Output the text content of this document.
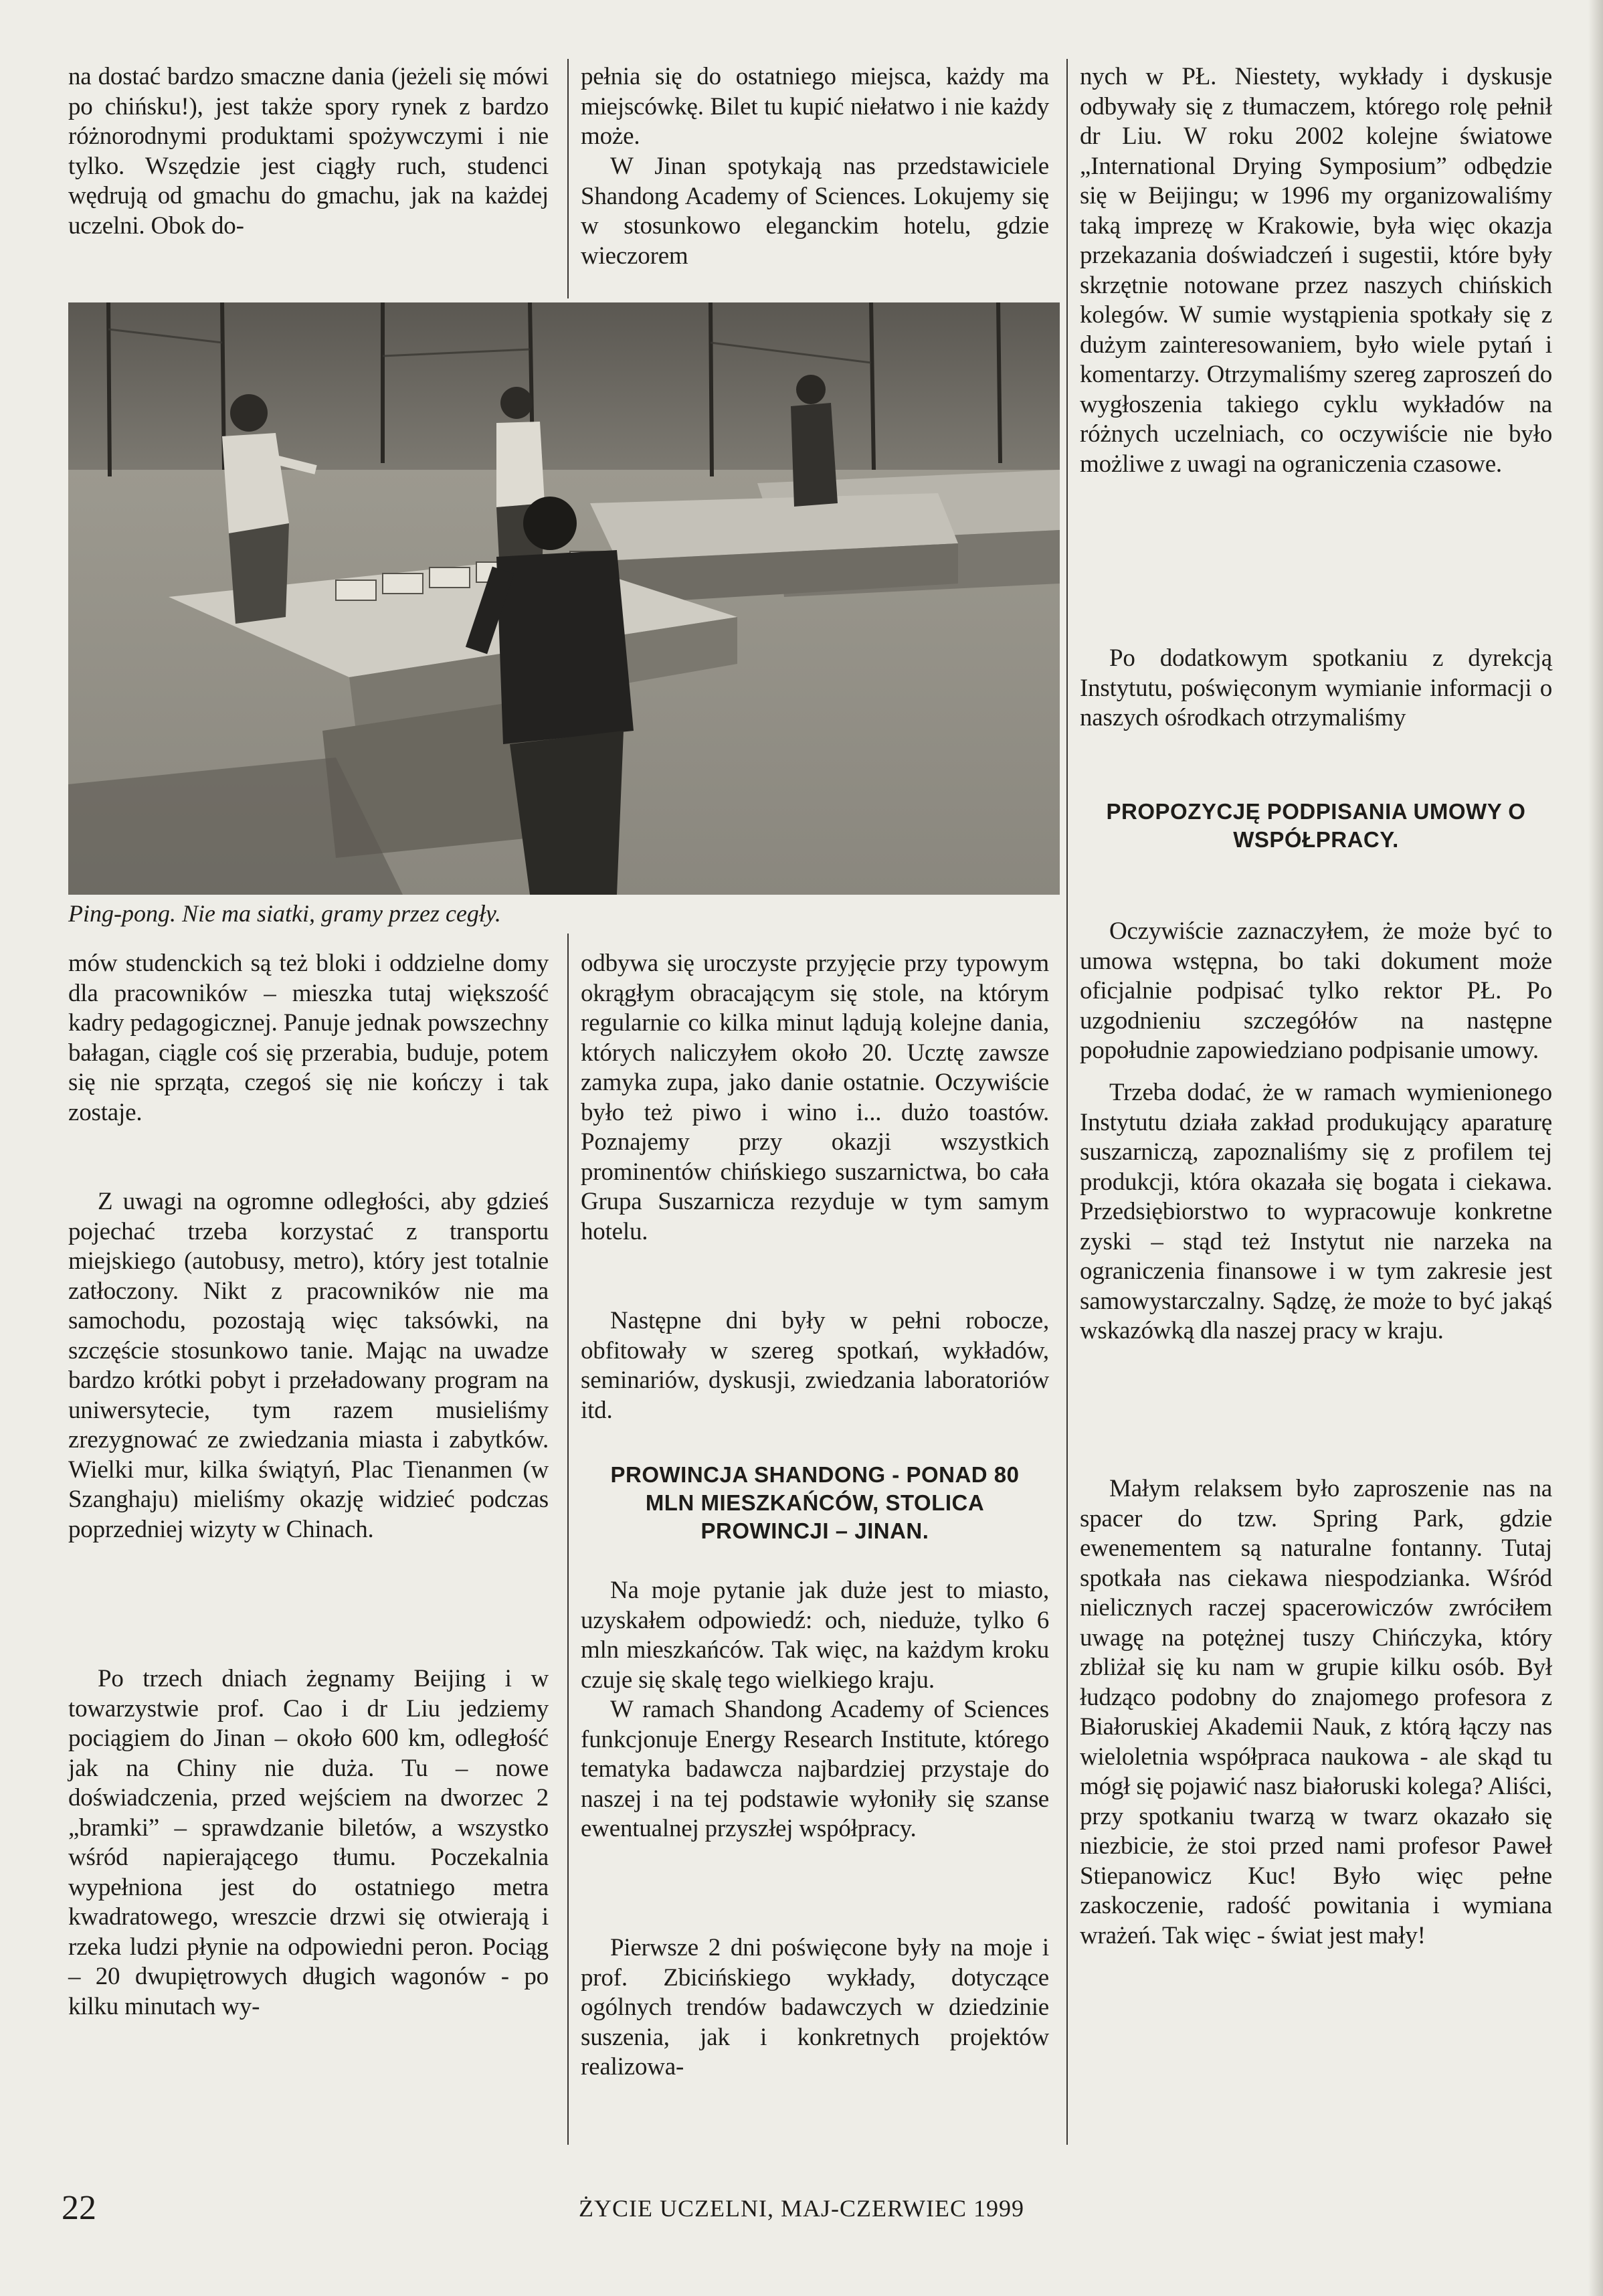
na dostać bardzo smaczne dania (jeżeli się mówi po chińsku!), jest także spory rynek z bardzo różnorodnymi produktami spożywczymi i nie tylko. Wszędzie jest ciągły ruch, studenci wędrują od gmachu do gmachu, jak na każdej uczelni. Obok do-

pełnia się do ostatniego miejsca, każdy ma miejscówkę. Bilet tu kupić niełatwo i nie każdy może.

W Jinan spotykają nas przedstawiciele Shandong Academy of Sciences. Lokujemy się w stosunkowo eleganckim hotelu, gdzie wieczorem

Ping-pong. Nie ma siatki, gramy przez cegły.

mów studenckich są też bloki i oddzielne domy dla pracowników – mieszka tutaj większość kadry pedagogicznej. Panuje jednak powszechny bałagan, ciągle coś się przerabia, buduje, potem się nie sprząta, czegoś się nie kończy i tak zostaje.

Z uwagi na ogromne odległości, aby gdzieś pojechać trzeba korzystać z transportu miejskiego (autobusy, metro), który jest totalnie zatłoczony. Nikt z pracowników nie ma samochodu, pozostają więc taksówki, na szczęście stosunkowo tanie. Mając na uwadze bardzo krótki pobyt i przeładowany program na uniwersytecie, tym razem musieliśmy zrezygnować ze zwiedzania miasta i zabytków. Wielki mur, kilka świątyń, Plac Tienanmen (w Szanghaju) mieliśmy okazję widzieć podczas poprzedniej wizyty w Chinach.

Po trzech dniach żegnamy Beijing i w towarzystwie prof. Cao i dr Liu jedziemy pociągiem do Jinan – około 600 km, odległość jak na Chiny nie duża. Tu – nowe doświadczenia, przed wejściem na dworzec 2 „bramki” – sprawdzanie biletów, a wszystko wśród napierającego tłumu. Poczekalnia wypełniona jest do ostatniego metra kwadratowego, wreszcie drzwi się otwierają i rzeka ludzi płynie na odpowiedni peron. Pociąg – 20 dwupiętrowych długich wagonów - po kilku minutach wy-

odbywa się uroczyste przyjęcie przy typowym okrągłym obracającym się stole, na którym regularnie co kilka minut lądują kolejne dania, których naliczyłem około 20. Ucztę zawsze zamyka zupa, jako danie ostatnie. Oczywiście było też piwo i wino i... dużo toastów. Poznajemy przy okazji wszystkich prominentów chińskiego suszarnictwa, bo cała Grupa Suszarnicza rezyduje w tym samym hotelu.

Następne dni były w pełni robocze, obfitowały w szereg spotkań, wykładów, seminariów, dyskusji, zwiedzania laboratoriów itd.

PROWINCJA SHANDONG - PONAD 80 MLN MIESZKAŃCÓW, STOLICA PROWINCJI – JINAN.

Na moje pytanie jak duże jest to miasto, uzyskałem odpowiedź: och, nieduże, tylko 6 mln mieszkańców. Tak więc, na każdym kroku czuje się skalę tego wielkiego kraju.

W ramach Shandong Academy of Sciences funkcjonuje Energy Research Institute, którego tematyka badawcza najbardziej przystaje do naszej i na tej podstawie wyłoniły się szanse ewentualnej przyszłej współpracy.

Pierwsze 2 dni poświęcone były na moje i prof. Zbicińskiego wykłady, dotyczące ogólnych trendów badawczych w dziedzinie suszenia, jak i konkretnych projektów realizowa-

nych w PŁ. Niestety, wykłady i dyskusje odbywały się z tłumaczem, którego rolę pełnił dr Liu. W roku 2002 kolejne światowe „International Drying Symposium” odbędzie się w Beijingu; w 1996 my organizowaliśmy taką imprezę w Krakowie, była więc okazja przekazania doświadczeń i sugestii, które były skrzętnie notowane przez naszych chińskich kolegów. W sumie wystąpienia spotkały się z dużym zainteresowaniem, było wiele pytań i komentarzy. Otrzymaliśmy szereg zaproszeń do wygłoszenia takiego cyklu wykładów na różnych uczelniach, co oczywiście nie było możliwe z uwagi na ograniczenia czasowe.

Po dodatkowym spotkaniu z dyrekcją Instytutu, poświęconym wymianie informacji o naszych ośrodkach otrzymaliśmy

PROPOZYCJĘ PODPISANIA UMOWY O WSPÓŁPRACY.

Oczywiście zaznaczyłem, że może być to umowa wstępna, bo taki dokument może oficjalnie podpisać tylko rektor PŁ. Po uzgodnieniu szczegółów na następne popołudnie zapowiedziano podpisanie umowy.

Trzeba dodać, że w ramach wymienionego Instytutu działa zakład produkujący aparaturę suszarniczą, zapoznaliśmy się z profilem tej produkcji, która okazała się bogata i ciekawa. Przedsiębiorstwo to wypracowuje konkretne zyski – stąd też Instytut nie narzeka na ograniczenia finansowe i w tym zakresie jest samowystarczalny. Sądzę, że może to być jakąś wskazówką dla naszej pracy w kraju.

Małym relaksem było zaproszenie nas na spacer do tzw. Spring Park, gdzie ewenementem są naturalne fontanny. Tutaj spotkała nas ciekawa niespodzianka. Wśród nielicznych raczej spacerowiczów zwróciłem uwagę na potężnej tuszy Chińczyka, który zbliżał się ku nam w grupie kilku osób. Był łudząco podobny do znajomego profesora z Białoruskiej Akademii Nauk, z którą łączy nas wieloletnia współpraca naukowa - ale skąd tu mógł się pojawić nasz białoruski kolega? Aliści, przy spotkaniu twarzą w twarz okazało się niezbicie, że stoi przed nami profesor Paweł Stiepanowicz Kuc! Było więc pełne zaskoczenie, radość powitania i wymiana wrażeń. Tak więc - świat jest mały!

22	ŻYCIE UCZELNI, MAJ-CZERWIEC 1999
